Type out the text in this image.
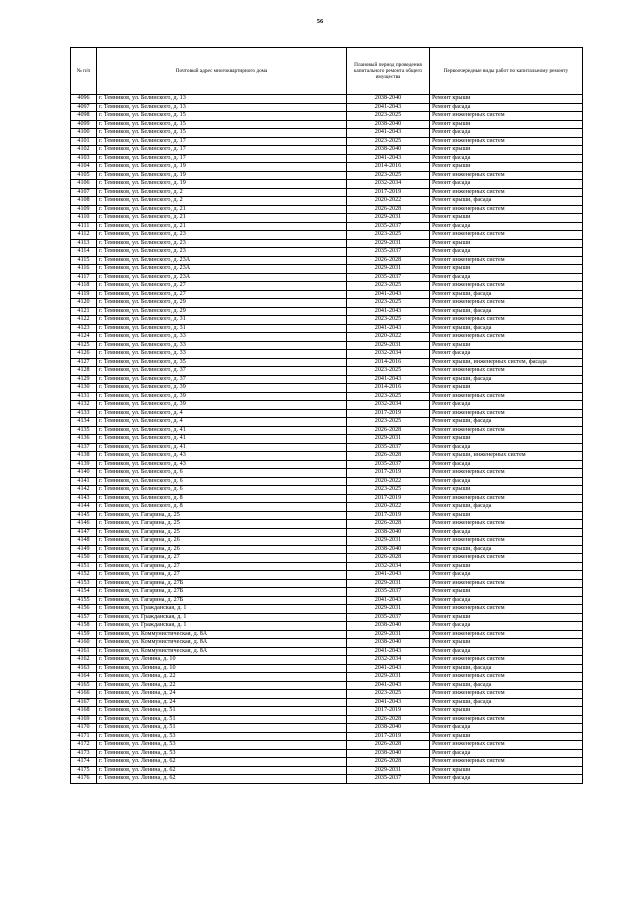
56
№ п/п	Почтовый адрес многоквартирного дома	Плановый период проведения капитального ремонта общего имущества	Первоочередные виды работ по капитальному ремонту
4096	г. Темников, ул. Белинского, д. 13	2038-2040	Ремонт крыши
4097	г. Темников, ул. Белинского, д. 13	2041-2043	Ремонт фасада
4098	г. Темников, ул. Белинского, д. 15	2023-2025	Ремонт инженерных систем
4099	г. Темников, ул. Белинского, д. 15	2038-2040	Ремонт крыши
4100	г. Темников, ул. Белинского, д. 15	2041-2043	Ремонт фасада
4101	г. Темников, ул. Белинского, д. 17	2023-2025	Ремонт инженерных систем
4102	г. Темников, ул. Белинского, д. 17	2038-2040	Ремонт крыши
4103	г. Темников, ул. Белинского, д. 17	2041-2043	Ремонт фасада
4104	г. Темников, ул. Белинского, д. 19	2014-2016	Ремонт крыши
4105	г. Темников, ул. Белинского, д. 19	2023-2025	Ремонт инженерных систем
4106	г. Темников, ул. Белинского, д. 19	2032-2034	Ремонт фасада
4107	г. Темников, ул. Белинского, д. 2	2017-2019	Ремонт инженерных систем
4108	г. Темников, ул. Белинского, д. 2	2020-2022	Ремонт крыши, фасада
4109	г. Темников, ул. Белинского, д. 21	2026-2028	Ремонт инженерных систем
4110	г. Темников, ул. Белинского, д. 21	2029-2031	Ремонт крыши
4111	г. Темников, ул. Белинского, д. 21	2035-2037	Ремонт фасада
4112	г. Темников, ул. Белинского, д. 23	2023-2025	Ремонт инженерных систем
4113	г. Темников, ул. Белинского, д. 23	2029-2031	Ремонт крыши
4114	г. Темников, ул. Белинского, д. 23	2035-2037	Ремонт фасада
4115	г. Темников, ул. Белинского, д. 23А	2026-2028	Ремонт инженерных систем
4116	г. Темников, ул. Белинского, д. 23А	2029-2031	Ремонт крыши
4117	г. Темников, ул. Белинского, д. 23А	2035-2037	Ремонт фасада
4118	г. Темников, ул. Белинского, д. 27	2023-2025	Ремонт инженерных систем
4119	г. Темников, ул. Белинского, д. 27	2041-2043	Ремонт крыши, фасада
4120	г. Темников, ул. Белинского, д. 29	2023-2025	Ремонт инженерных систем
4121	г. Темников, ул. Белинского, д. 29	2041-2043	Ремонт крыши, фасада
4122	г. Темников, ул. Белинского, д. 31	2023-2025	Ремонт инженерных систем
4123	г. Темников, ул. Белинского, д. 31	2041-2043	Ремонт крыши, фасада
4124	г. Темников, ул. Белинского, д. 33	2020-2022	Ремонт инженерных систем
4125	г. Темников, ул. Белинского, д. 33	2029-2031	Ремонт крыши
4126	г. Темников, ул. Белинского, д. 33	2032-2034	Ремонт фасада
4127	г. Темников, ул. Белинского, д. 35	2014-2016	Ремонт крыши, инженерных систем, фасада
4128	г. Темников, ул. Белинского, д. 37	2023-2025	Ремонт инженерных систем
4129	г. Темников, ул. Белинского, д. 37	2041-2043	Ремонт крыши, фасада
4130	г. Темников, ул. Белинского, д. 39	2014-2016	Ремонт крыши
4131	г. Темников, ул. Белинского, д. 39	2023-2025	Ремонт инженерных систем
4132	г. Темников, ул. Белинского, д. 39	2032-2034	Ремонт фасада
4133	г. Темников, ул. Белинского, д. 4	2017-2019	Ремонт инженерных систем
4134	г. Темников, ул. Белинского, д. 4	2023-2025	Ремонт крыши, фасада
4135	г. Темников, ул. Белинского, д. 41	2026-2028	Ремонт инженерных систем
4136	г. Темников, ул. Белинского, д. 41	2029-2031	Ремонт крыши
4137	г. Темников, ул. Белинского, д. 41	2035-2037	Ремонт фасада
4138	г. Темников, ул. Белинского, д. 43	2026-2028	Ремонт крыши, инженерных систем
4139	г. Темников, ул. Белинского, д. 43	2035-2037	Ремонт фасада
4140	г. Темников, ул. Белинского, д. 6	2017-2019	Ремонт инженерных систем
4141	г. Темников, ул. Белинского, д. 6	2020-2022	Ремонт фасада
4142	г. Темников, ул. Белинского, д. 6	2023-2025	Ремонт крыши
4143	г. Темников, ул. Белинского, д. 8	2017-2019	Ремонт инженерных систем
4144	г. Темников, ул. Белинского, д. 8	2020-2022	Ремонт крыши, фасада
4145	г. Темников, ул. Гагарина, д. 25	2017-2019	Ремонт крыши
4146	г. Темников, ул. Гагарина, д. 25	2026-2028	Ремонт инженерных систем
4147	г. Темников, ул. Гагарина, д. 25	2038-2040	Ремонт фасада
4148	г. Темников, ул. Гагарина, д. 26	2029-2031	Ремонт инженерных систем
4149	г. Темников, ул. Гагарина, д. 26	2038-2040	Ремонт крыши, фасада
4150	г. Темников, ул. Гагарина, д. 27	2026-2028	Ремонт инженерных систем
4151	г. Темников, ул. Гагарина, д. 27	2032-2034	Ремонт крыши
4152	г. Темников, ул. Гагарина, д. 27	2041-2043	Ремонт фасада
4153	г. Темников, ул. Гагарина, д. 27Б	2029-2031	Ремонт инженерных систем
4154	г. Темников, ул. Гагарина, д. 27Б	2035-2037	Ремонт крыши
4155	г. Темников, ул. Гагарина, д. 27Б	2041-2043	Ремонт фасада
4156	г. Темников, ул. Гражданская, д. 1	2029-2031	Ремонт инженерных систем
4157	г. Темников, ул. Гражданская, д. 1	2035-2037	Ремонт крыши
4158	г. Темников, ул. Гражданская, д. 1	2038-2040	Ремонт фасада
4159	г. Темников, ул. Коммунистическая, д. 8А	2029-2031	Ремонт инженерных систем
4160	г. Темников, ул. Коммунистическая, д. 8А	2038-2040	Ремонт крыши
4161	г. Темников, ул. Коммунистическая, д. 8А	2041-2043	Ремонт фасада
4162	г. Темников, ул. Ленина, д. 10	2032-2034	Ремонт инженерных систем
4163	г. Темников, ул. Ленина, д. 10	2041-2043	Ремонт крыши, фасада
4164	г. Темников, ул. Ленина, д. 22	2029-2031	Ремонт инженерных систем
4165	г. Темников, ул. Ленина, д. 22	2041-2043	Ремонт крыши, фасада
4166	г. Темников, ул. Ленина, д. 24	2023-2025	Ремонт инженерных систем
4167	г. Темников, ул. Ленина, д. 24	2041-2043	Ремонт крыши, фасада
4168	г. Темников, ул. Ленина, д. 51	2017-2019	Ремонт крыши
4169	г. Темников, ул. Ленина, д. 51	2026-2028	Ремонт инженерных систем
4170	г. Темников, ул. Ленина, д. 51	2038-2040	Ремонт фасада
4171	г. Темников, ул. Ленина, д. 53	2017-2019	Ремонт крыши
4172	г. Темников, ул. Ленина, д. 53	2026-2028	Ремонт инженерных систем
4173	г. Темников, ул. Ленина, д. 53	2038-2040	Ремонт фасада
4174	г. Темников, ул. Ленина, д. 62	2026-2028	Ремонт инженерных систем
4175	г. Темников, ул. Ленина, д. 62	2029-2031	Ремонт крыши
4176	г. Темников, ул. Ленина, д. 62	2035-2037	Ремонт фасада
